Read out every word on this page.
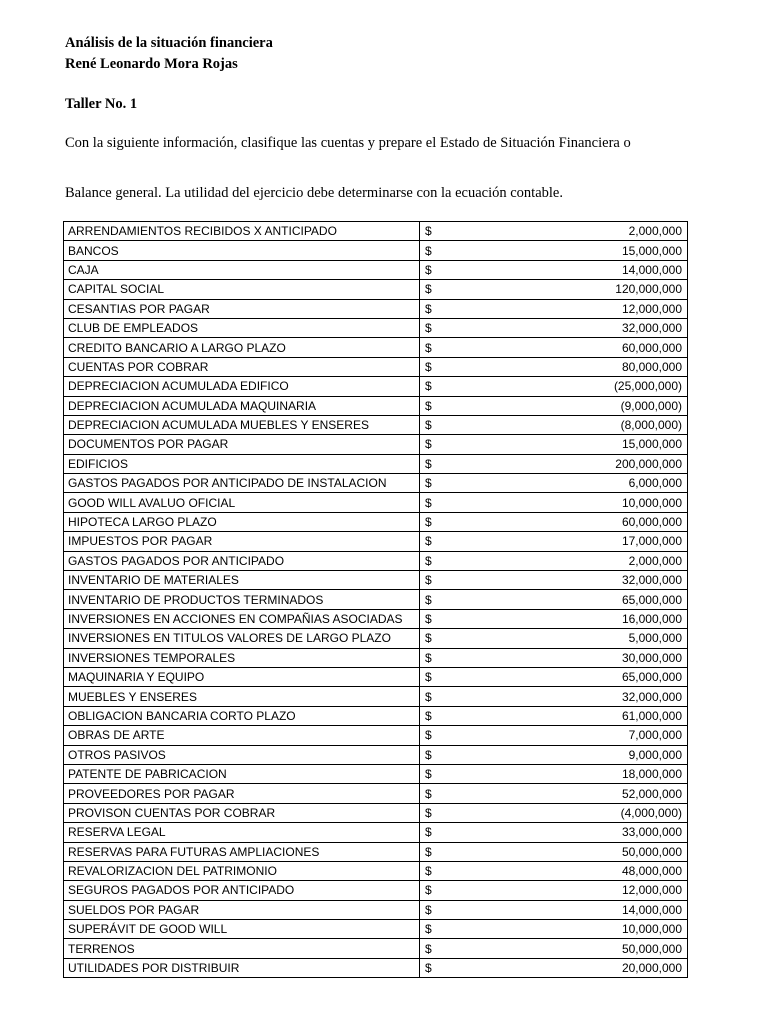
Análisis de la situación financiera
René Leonardo Mora Rojas
Taller No. 1
Con la siguiente información, clasifique las cuentas y prepare el Estado de Situación Financiera o
Balance general. La utilidad del ejercicio debe determinarse con la ecuación contable.
ARRENDAMIENTOS RECIBIDOS X ANTICIPADO	$	2,000,000
BANCOS	$	15,000,000
CAJA	$	14,000,000
CAPITAL SOCIAL	$	120,000,000
CESANTIAS POR PAGAR	$	12,000,000
CLUB DE EMPLEADOS	$	32,000,000
CREDITO BANCARIO A LARGO PLAZO	$	60,000,000
CUENTAS POR COBRAR	$	80,000,000
DEPRECIACION ACUMULADA EDIFICO	$	(25,000,000)
DEPRECIACION ACUMULADA MAQUINARIA	$	(9,000,000)
DEPRECIACION ACUMULADA MUEBLES Y ENSERES	$	(8,000,000)
DOCUMENTOS POR PAGAR	$	15,000,000
EDIFICIOS	$	200,000,000
GASTOS PAGADOS POR ANTICIPADO DE INSTALACION	$	6,000,000
GOOD WILL AVALUO OFICIAL	$	10,000,000
HIPOTECA LARGO PLAZO	$	60,000,000
IMPUESTOS POR PAGAR	$	17,000,000
GASTOS PAGADOS POR ANTICIPADO	$	2,000,000
INVENTARIO DE MATERIALES	$	32,000,000
INVENTARIO DE PRODUCTOS TERMINADOS	$	65,000,000
INVERSIONES EN ACCIONES EN COMPAÑIAS ASOCIADAS	$	16,000,000
INVERSIONES EN TITULOS VALORES DE LARGO PLAZO	$	5,000,000
INVERSIONES TEMPORALES	$	30,000,000
MAQUINARIA Y EQUIPO	$	65,000,000
MUEBLES Y ENSERES	$	32,000,000
OBLIGACION BANCARIA CORTO PLAZO	$	61,000,000
OBRAS DE ARTE	$	7,000,000
OTROS PASIVOS	$	9,000,000
PATENTE DE PABRICACION	$	18,000,000
PROVEEDORES POR PAGAR	$	52,000,000
PROVISON CUENTAS POR COBRAR	$	(4,000,000)
RESERVA LEGAL	$	33,000,000
RESERVAS PARA FUTURAS AMPLIACIONES	$	50,000,000
REVALORIZACION DEL PATRIMONIO	$	48,000,000
SEGUROS PAGADOS POR ANTICIPADO	$	12,000,000
SUELDOS POR PAGAR	$	14,000,000
SUPERÁVIT DE GOOD WILL	$	10,000,000
TERRENOS	$	50,000,000
UTILIDADES POR DISTRIBUIR	$	20,000,000
